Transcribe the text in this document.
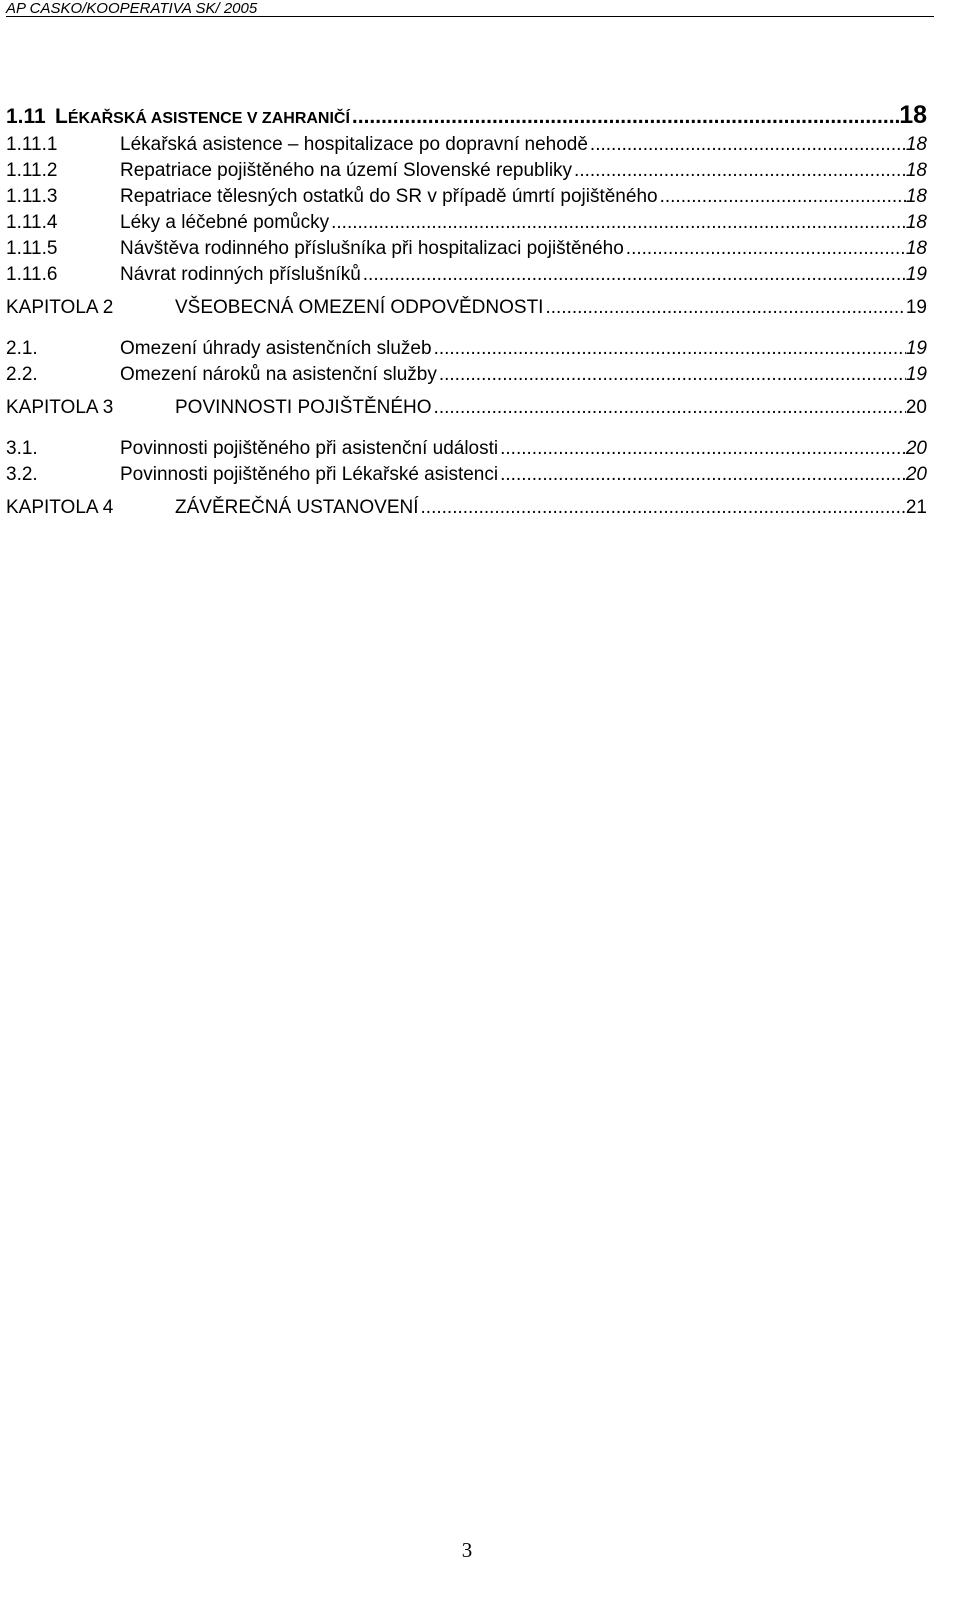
AP CASKO/KOOPERATIVA SK/ 2005
1.11 LÉKAŘSKÁ ASISTENCE V ZAHRANIČÍ .....	18
1.11.1	Lékařská asistence – hospitalizace po dopravní nehodě .....	18
1.11.2	Repatriace pojištěného na území Slovenské republiky .....	18
1.11.3	Repatriace tělesných ostatků do SR v případě úmrtí pojištěného .....	18
1.11.4	Léky a léčebné pomůcky .....	18
1.11.5	Návštěva rodinného příslušníka při hospitalizaci pojištěného .....	18
1.11.6	Návrat rodinných příslušníků .....	19
KAPITOLA 2	VŠEOBECNÁ OMEZENÍ ODPOVĚDNOSTI .....	19
2.1.	Omezení úhrady asistenčních služeb .....	19
2.2.	Omezení nároků na asistenční služby .....	19
KAPITOLA 3	POVINNOSTI POJIŠTĚNÉHO .....	20
3.1.	Povinnosti pojištěného při asistenční události .....	20
3.2.	Povinnosti pojištěného při Lékařské asistenci .....	20
KAPITOLA 4	ZÁVĚREČNÁ USTANOVENÍ .....	21
3
